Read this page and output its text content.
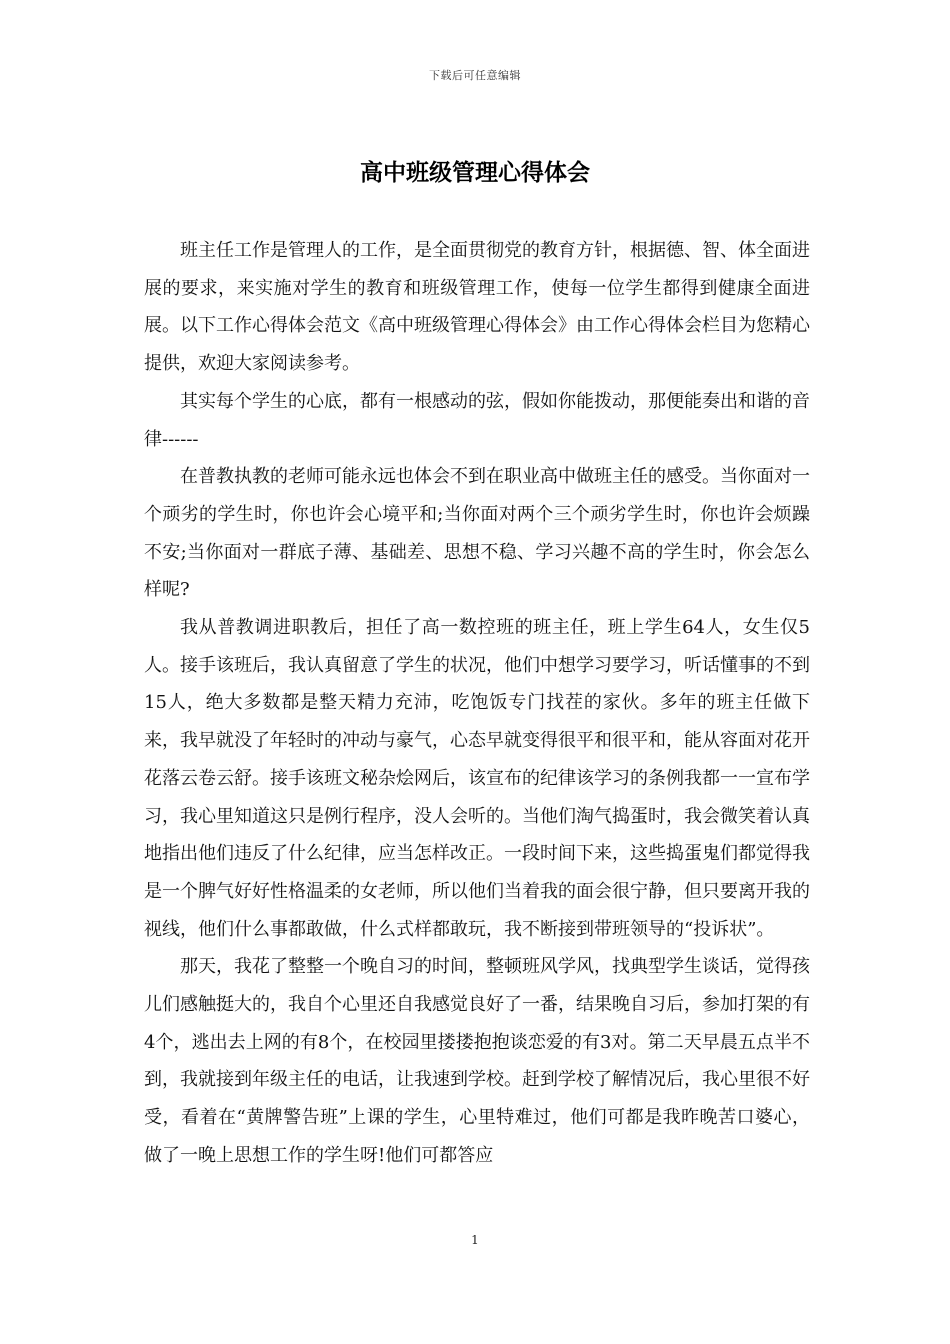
下载后可任意编辑
高中班级管理心得体会

班主任工作是管理人的工作，是全面贯彻党的教育方针，根据德、智、体全面进展的要求，来实施对学生的教育和班级管理工作，使每一位学生都得到健康全面进展。以下工作心得体会范文《高中班级管理心得体会》由工作心得体会栏目为您精心提供，欢迎大家阅读参考。

其实每个学生的心底，都有一根感动的弦，假如你能拨动，那便能奏出和谐的音律------

在普教执教的老师可能永远也体会不到在职业高中做班主任的感受。当你面对一个顽劣的学生时，你也许会心境平和;当你面对两个三个顽劣学生时，你也许会烦躁不安;当你面对一群底子薄、基础差、思想不稳、学习兴趣不高的学生时，你会怎么样呢?

我从普教调进职教后，担任了高一数控班的班主任，班上学生64人，女生仅5人。接手该班后，我认真留意了学生的状况，他们中想学习要学习，听话懂事的不到15人，绝大多数都是整天精力充沛，吃饱饭专门找茬的家伙。多年的班主任做下来，我早就没了年轻时的冲动与豪气，心态早就变得很平和很平和，能从容面对花开花落云卷云舒。接手该班文秘杂烩网后，该宣布的纪律该学习的条例我都一一宣布学习，我心里知道这只是例行程序，没人会听的。当他们淘气捣蛋时，我会微笑着认真地指出他们违反了什么纪律，应当怎样改正。一段时间下来，这些捣蛋鬼们都觉得我是一个脾气好好性格温柔的女老师，所以他们当着我的面会很宁静，但只要离开我的视线，他们什么事都敢做，什么式样都敢玩，我不断接到带班领导的“投诉状”。

那天，我花了整整一个晚自习的时间，整顿班风学风，找典型学生谈话，觉得孩儿们感触挺大的，我自个心里还自我感觉良好了一番，结果晚自习后，参加打架的有4个，逃出去上网的有8个，在校园里搂搂抱抱谈恋爱的有3对。第二天早晨五点半不到，我就接到年级主任的电话，让我速到学校。赶到学校了解情况后，我心里很不好受，看着在“黄牌警告班”上课的学生，心里特难过，他们可都是我昨晚苦口婆心，做了一晚上思想工作的学生呀!他们可都答应

1
